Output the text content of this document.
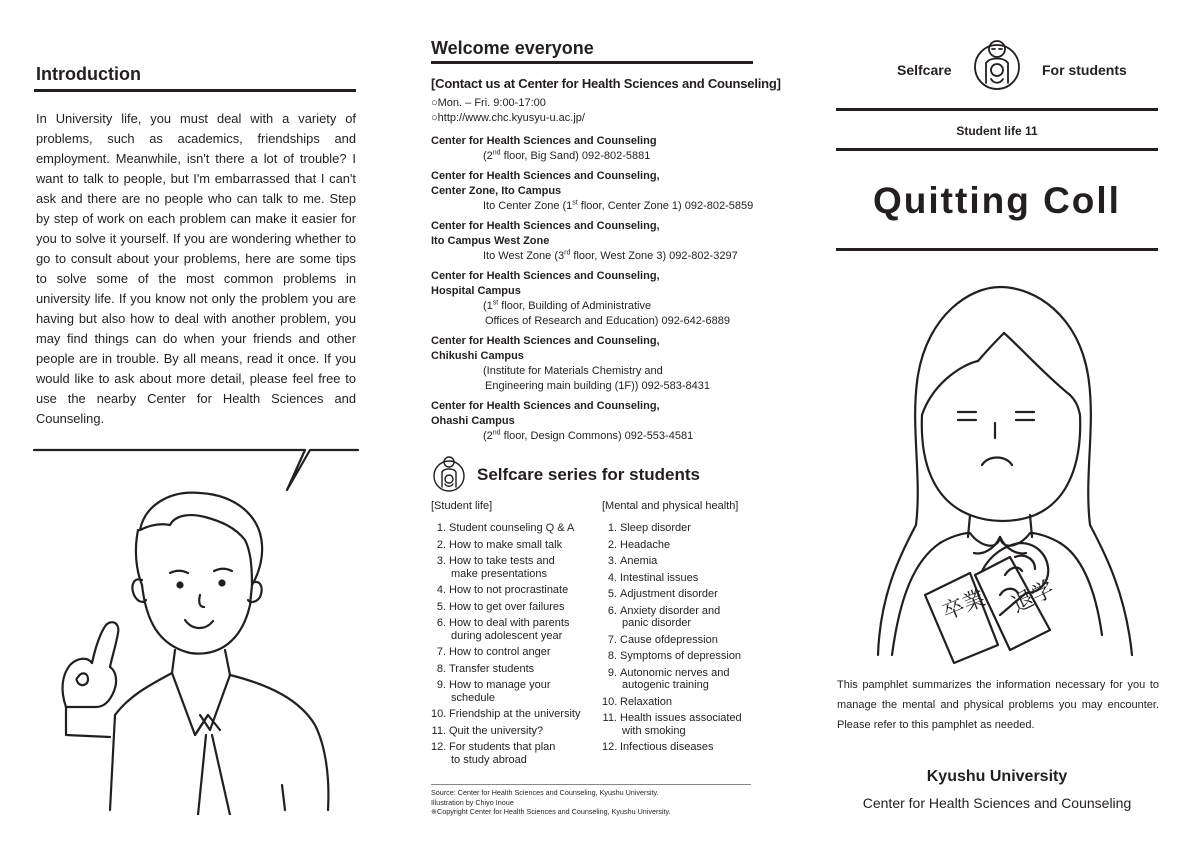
Introduction
In University life, you must deal with a variety of problems, such as academics, friendships and employment. Meanwhile, isn't there a lot of trouble? I want to talk to people, but I'm embarrassed that I can't ask and there are no people who can talk to me. Step by step of work on each problem can make it easier for you to solve it yourself. If you are wondering whether to go to consult about your problems, here are some tips to solve some of the most common problems in university life. If you know not only the problem you are having but also how to deal with another problem, you may find things can do when your friends and other people are in trouble. By all means, read it once. If you would like to ask about more detail, please feel free to use the nearby Center for Health Sciences and Counseling.
Welcome everyone
[Contact us at Center for Health Sciences and Counseling]
○Mon. – Fri. 9:00-17:00
○http://www.chc.kyusyu-u.ac.jp/
Center for Health Sciences and Counseling
(2nd floor, Big Sand) 092-802-5881
Center for Health Sciences and Counseling,
Center Zone, Ito Campus
Ito Center Zone (1st floor, Center Zone 1) 092-802-5859
Center for Health Sciences and Counseling,
Ito Campus West Zone
Ito West Zone (3rd floor, West Zone 3) 092-802-3297
Center for Health Sciences and Counseling,
Hospital Campus
(1st floor, Building of Administrative
Offices of Research and Education) 092-642-6889
Center for Health Sciences and Counseling,
Chikushi Campus
(Institute for Materials Chemistry and
Engineering main building (1F)) 092-583-8431
Center for Health Sciences and Counseling,
Ohashi Campus
(2nd floor, Design Commons) 092-553-4581
Selfcare series for students
[Student life]
1. Student counseling Q & A
2. How to make small talk
3. How to take tests and
make presentations
4. How to not procrastinate
5. How to get over failures
6. How to deal with parents
during adolescent year
7. How to control anger
8. Transfer students
9. How to manage your
schedule
10. Friendship at the university
11. Quit the university?
12. For students that plan
to study abroad
[Mental and physical health]
1. Sleep disorder
2. Headache
3. Anemia
4. Intestinal issues
5. Adjustment disorder
6. Anxiety disorder and
panic disorder
7. Cause ofdepression
8. Symptoms of depression
9. Autonomic nerves and
autogenic training
10. Relaxation
11. Health issues associated
with smoking
12. Infectious diseases
Source: Center for Health Sciences and Counseling, Kyushu University.
Illustration by Chiyo Inoue
※Copyright Center for Health Sciences and Counseling, Kyushu University.
Selfcare	For students
Student life 11
Quitting Coll
卒業 退学
This pamphlet summarizes the information necessary for you to manage the mental and physical problems you may encounter. Please refer to this pamphlet as needed.
Kyushu University
Center for Health Sciences and Counseling
